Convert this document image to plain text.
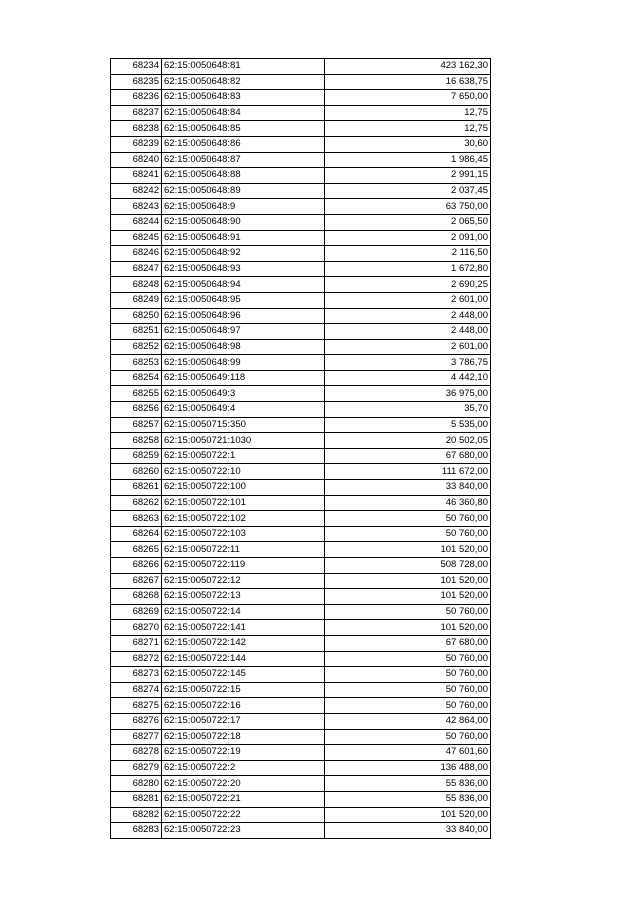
68234	62:15:0050648:81	423 162,30
68235	62:15:0050648:82	16 638,75
68236	62:15:0050648:83	7 650,00
68237	62:15:0050648:84	12,75
68238	62:15:0050648:85	12,75
68239	62:15:0050648:86	30,60
68240	62:15:0050648:87	1 986,45
68241	62:15:0050648:88	2 991,15
68242	62:15:0050648:89	2 037,45
68243	62:15:0050648:9	63 750,00
68244	62:15:0050648:90	2 065,50
68245	62:15:0050648:91	2 091,00
68246	62:15:0050648:92	2 116,50
68247	62:15:0050648:93	1 672,80
68248	62:15:0050648:94	2 690,25
68249	62:15:0050648:95	2 601,00
68250	62:15:0050648:96	2 448,00
68251	62:15:0050648:97	2 448,00
68252	62:15:0050648:98	2 601,00
68253	62:15:0050648:99	3 786,75
68254	62:15:0050649:118	4 442,10
68255	62:15:0050649:3	36 975,00
68256	62:15:0050649:4	35,70
68257	62:15:0050715:350	5 535,00
68258	62:15:0050721:1030	20 502,05
68259	62:15:0050722:1	67 680,00
68260	62:15:0050722:10	111 672,00
68261	62:15:0050722:100	33 840,00
68262	62:15:0050722:101	46 360,80
68263	62:15:0050722:102	50 760,00
68264	62:15:0050722:103	50 760,00
68265	62:15:0050722:11	101 520,00
68266	62:15:0050722:119	508 728,00
68267	62:15:0050722:12	101 520,00
68268	62:15:0050722:13	101 520,00
68269	62:15:0050722:14	50 760,00
68270	62:15:0050722:141	101 520,00
68271	62:15:0050722:142	67 680,00
68272	62:15:0050722:144	50 760,00
68273	62:15:0050722:145	50 760,00
68274	62:15:0050722:15	50 760,00
68275	62:15:0050722:16	50 760,00
68276	62:15:0050722:17	42 864,00
68277	62:15:0050722:18	50 760,00
68278	62:15:0050722:19	47 601,60
68279	62:15:0050722:2	136 488,00
68280	62:15:0050722:20	55 836,00
68281	62:15:0050722:21	55 836,00
68282	62:15:0050722:22	101 520,00
68283	62:15:0050722:23	33 840,00
